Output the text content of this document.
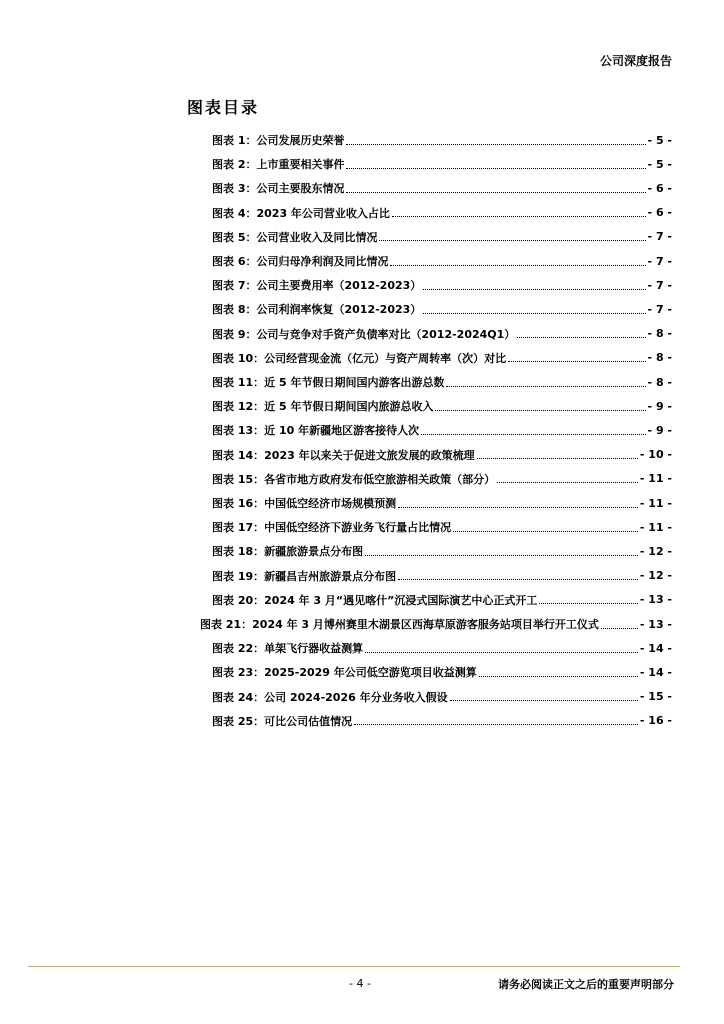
公司深度报告
图表目录
图表 1：公司发展历史荣誉	- 5 -
图表 2：上市重要相关事件	- 5 -
图表 3：公司主要股东情况	- 6 -
图表 4：2023 年公司营业收入占比	- 6 -
图表 5：公司营业收入及同比情况	- 7 -
图表 6：公司归母净利润及同比情况	- 7 -
图表 7：公司主要费用率（2012-2023）	- 7 -
图表 8：公司利润率恢复（2012-2023）	- 7 -
图表 9：公司与竞争对手资产负债率对比（2012-2024Q1）	- 8 -
图表 10：公司经营现金流（亿元）与资产周转率（次）对比	- 8 -
图表 11：近 5 年节假日期间国内游客出游总数	- 8 -
图表 12：近 5 年节假日期间国内旅游总收入	- 9 -
图表 13：近 10 年新疆地区游客接待人次	- 9 -
图表 14：2023 年以来关于促进文旅发展的政策梳理	- 10 -
图表 15：各省市地方政府发布低空旅游相关政策（部分）	- 11 -
图表 16：中国低空经济市场规模预测	- 11 -
图表 17：中国低空经济下游业务飞行量占比情况	- 11 -
图表 18：新疆旅游景点分布图	- 12 -
图表 19：新疆昌吉州旅游景点分布图	- 12 -
图表 20：2024 年 3 月“遇见喀什”沉浸式国际演艺中心正式开工	- 13 -
图表 21：2024 年 3 月博州赛里木湖景区西海草原游客服务站项目举行开工仪式	- 13 -
图表 22：单架飞行器收益测算	- 14 -
图表 23：2025-2029 年公司低空游览项目收益测算	- 14 -
图表 24：公司 2024-2026 年分业务收入假设	- 15 -
图表 25：可比公司估值情况	- 16 -
- 4 -	请务必阅读正文之后的重要声明部分
